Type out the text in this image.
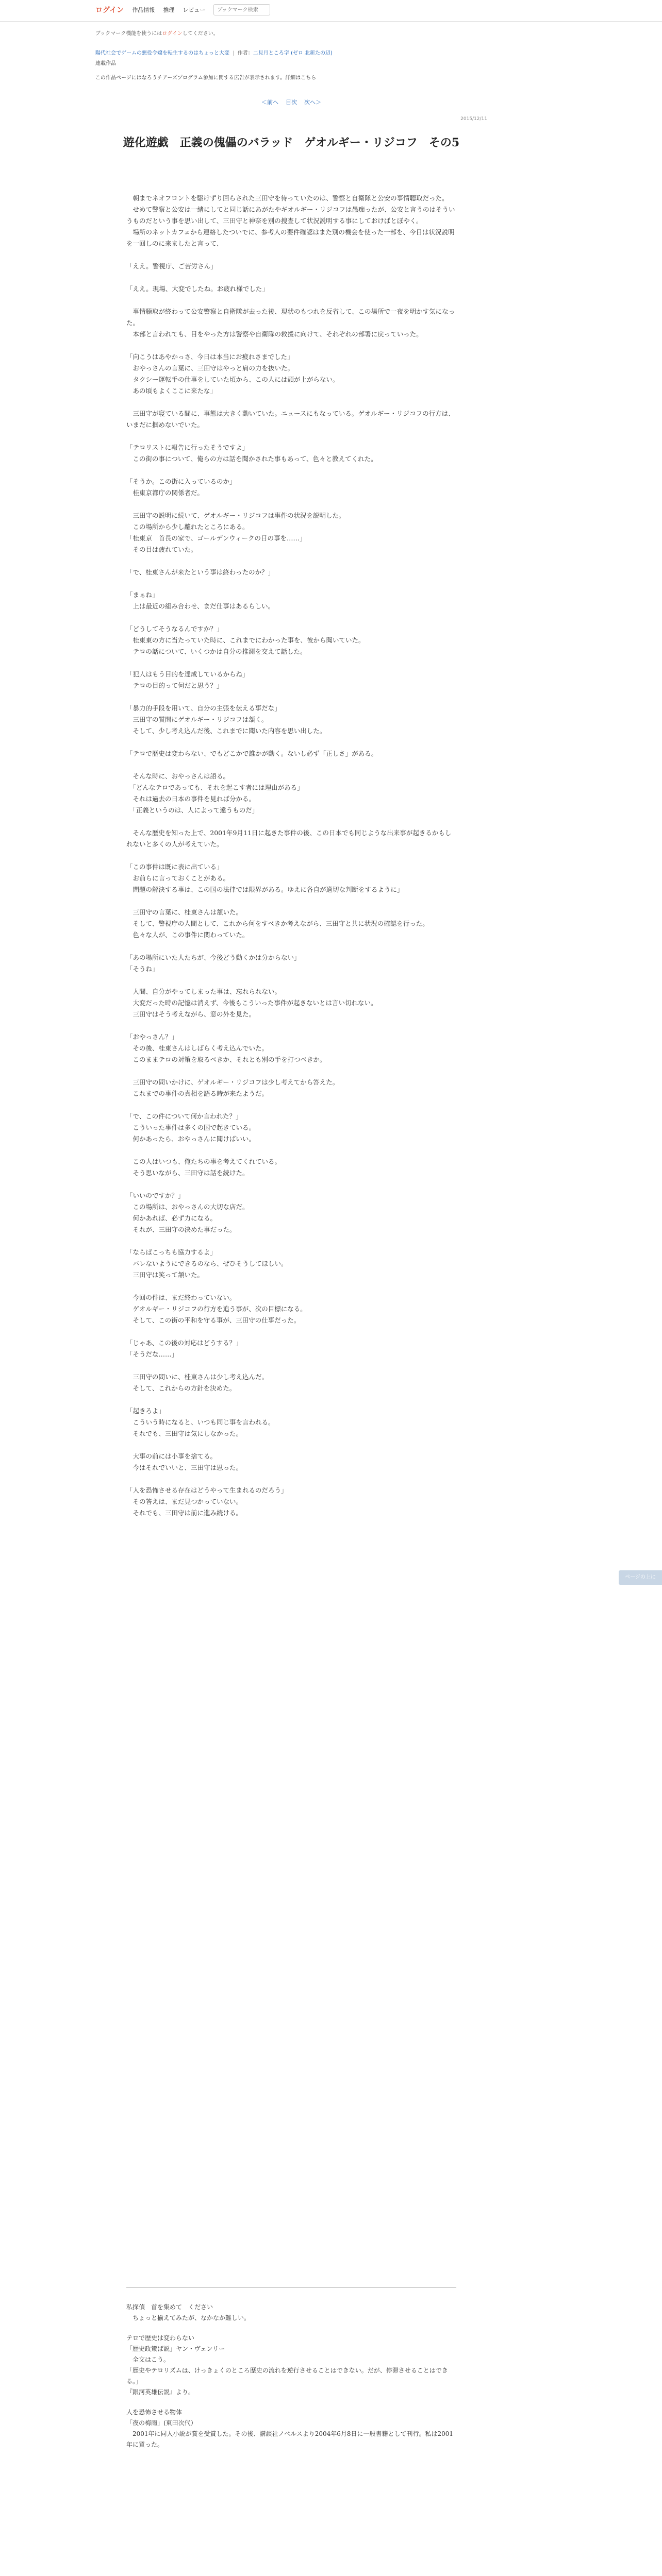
ログイン 作品情報 推理 レビュー
ブックマーク検索
ブックマーク機能を使うにはログインしてください。
陽代社会でゲームの悪役令嬢を転生するのはちょっと大変 | 作者：二見月ところ字 (ゼロ 北新たの辺)
連載作品
この作品ページにはなろうチアーズプログラム参加に関する広告が表示されます。詳細はこちら
＜前へ 目次 次へ＞
2015/12/11
遊化遊戯　正義の傀儡のバラッド　ゲオルギー・リジコフ　その5

　朝までネオフロントを駆けずり回らされた三田守を待っていたのは、警察と自衛隊と公安の事情聴取だった。
　せめて警察と公安は一緒にしてと同じ話にあがたやギオルギー・リジコフは愚痴ったが、公安と言うのはそういうものだという事を思い出して、三田守と神奈を別の捜査して状況説明する事にしておけばとぼやく。
　場所のネットカフェから連絡したついでに、参考人の要件確認はまた別の機会を使った一部を、今日は状況説明を一回しのに来ましたと言って、

「ええ。警視庁、ご苦労さん」

「ええ。現場、大変でしたね。お疲れ様でした」

　事情聴取が終わって公安警察と自衛隊が去った後、現状のもつれを反省して、この場所で一夜を明かす気になった。
　本部と言われても、目をやった方は警察や自衛隊の救援に向けて、それぞれの部署に戻っていった。

「向こうはあやかっさ、今日は本当にお疲れさまでした」
　おやっさんの言葉に、三田守はやっと肩の力を抜いた。
　タクシー運転手の仕事をしていた頃から、この人には頭が上がらない。
　あの頃もよくここに来たな」

　三田守が寝ている間に、事態は大きく動いていた。ニュースにもなっている。ゲオルギー・リジコフの行方は、いまだに掴めないでいた。

「テロリストに報告に行ったそうですよ」
　この街の事について、俺らの方は話を聞かされた事もあって、色々と教えてくれた。

「そうか。この街に入っているのか」
　桂東京都庁の関係者だ。

　三田守の説明に続いて、ゲオルギー・リジコフは事件の状況を説明した。
　この場所から少し離れたところにある。
「桂東京　首長の家で、ゴールデンウィークの日の事を……」
　その目は疲れていた。

「で、桂東さんが来たという事は終わったのか？」

「まぁね」
　上は最近の組み合わせ、まだ仕事はあるらしい。

「どうしてそうなるんですか？」
　桂東東の方に当たっていた時に、これまでにわかった事を、彼から聞いていた。
　テロの話について、いくつかは自分の推測を交えて話した。

「犯人はもう目的を達成しているからね」
　テロの目的って何だと思う？」

「暴力的手段を用いて、自分の主張を伝える事だな」
　三田守の質問にゲオルギー・リジコフは頷く。
　そして、少し考え込んだ後、これまでに聞いた内容を思い出した。

「テロで歴史は変わらない、でもどこかで誰かが動く。ないし必ず「正しさ」がある。

　そんな時に、おやっさんは語る。
　「どんなテロであっても、それを起こす者には理由がある」
　それは過去の日本の事件を見れば分かる。
　「正義というのは、人によって違うものだ」

　そんな歴史を知った上で、2001年9月11日に起きた事件の後、この日本でも同じような出来事が起きるかもしれないと多くの人が考えていた。

「この事件は既に表に出ている」
　お前らに言っておくことがある。
　問題の解決する事は、この国の法律では限界がある。ゆえに各自が適切な判断をするように」

　三田守の言葉に、桂東さんは頷いた。
　そして、警視庁の人間として、これから何をすべきか考えながら、三田守と共に状況の確認を行った。
　色々な人が、この事件に関わっていた。

「あの場所にいた人たちが、今後どう動くかは分からない」
「そうね」

　人間、自分がやってしまった事は、忘れられない。
　大変だった時の記憶は消えず、今後もこういった事件が起きないとは言い切れない。
　三田守はそう考えながら、窓の外を見た。

「おやっさん？」
　その後、桂東さんはしばらく考え込んでいた。
　このままテロの対策を取るべきか、それとも別の手を打つべきか。

　三田守の問いかけに、ゲオルギー・リジコフは少し考えてから答えた。
　これまでの事件の真相を語る時が来たようだ。

「で、この件について何か言われた？」
　こういった事件は多くの国で起きている。
　何かあったら、おやっさんに聞けばいい。

　この人はいつも、俺たちの事を考えてくれている。
　そう思いながら、三田守は話を続けた。

「いいのですか？」
　この場所は、おやっさんの大切な店だ。
　何かあれば、必ず力になる。
　それが、三田守の決めた事だった。

「ならばこっちも協力するよ」
　バレないようにできるのなら、ぜひそうしてほしい。
　三田守は笑って頷いた。

　今回の件は、まだ終わっていない。
　ゲオルギー・リジコフの行方を追う事が、次の目標になる。
　そして、この街の平和を守る事が、三田守の仕事だった。

「じゃあ、この後の対応はどうする？」
「そうだな……」

　三田守の問いに、桂東さんは少し考え込んだ。
　そして、これからの方針を決めた。

「起きろよ」
　こういう時になると、いつも同じ事を言われる。
　それでも、三田守は気にしなかった。

　大事の前には小事を捨てる。
　今はそれでいいと、三田守は思った。

「人を恐怖させる存在はどうやって生まれるのだろう」
　その答えは、まだ見つかっていない。
　それでも、三田守は前に進み続ける。

私探偵　首を集めて　ください
　ちょっと揃えてみたが、なかなか難しい。

テロで歴史は変わらない
「歴史政策ば説」ヤン・ヴェンリー
　全文はこう。
「歴史やテロリズムは、けっきょくのところ歴史の流れを逆行させることはできない。だが、停滞させることはできる。」
『銀河英雄伝説』より。

人を恐怖させる物体
「夜の梅雨」(東田次代）
　2001年に同人小説が賞を受賞した。その後、講談社ノベルスより2004年6月8日に一般書籍として刊行。私は2001年に買った。

ページの上に
